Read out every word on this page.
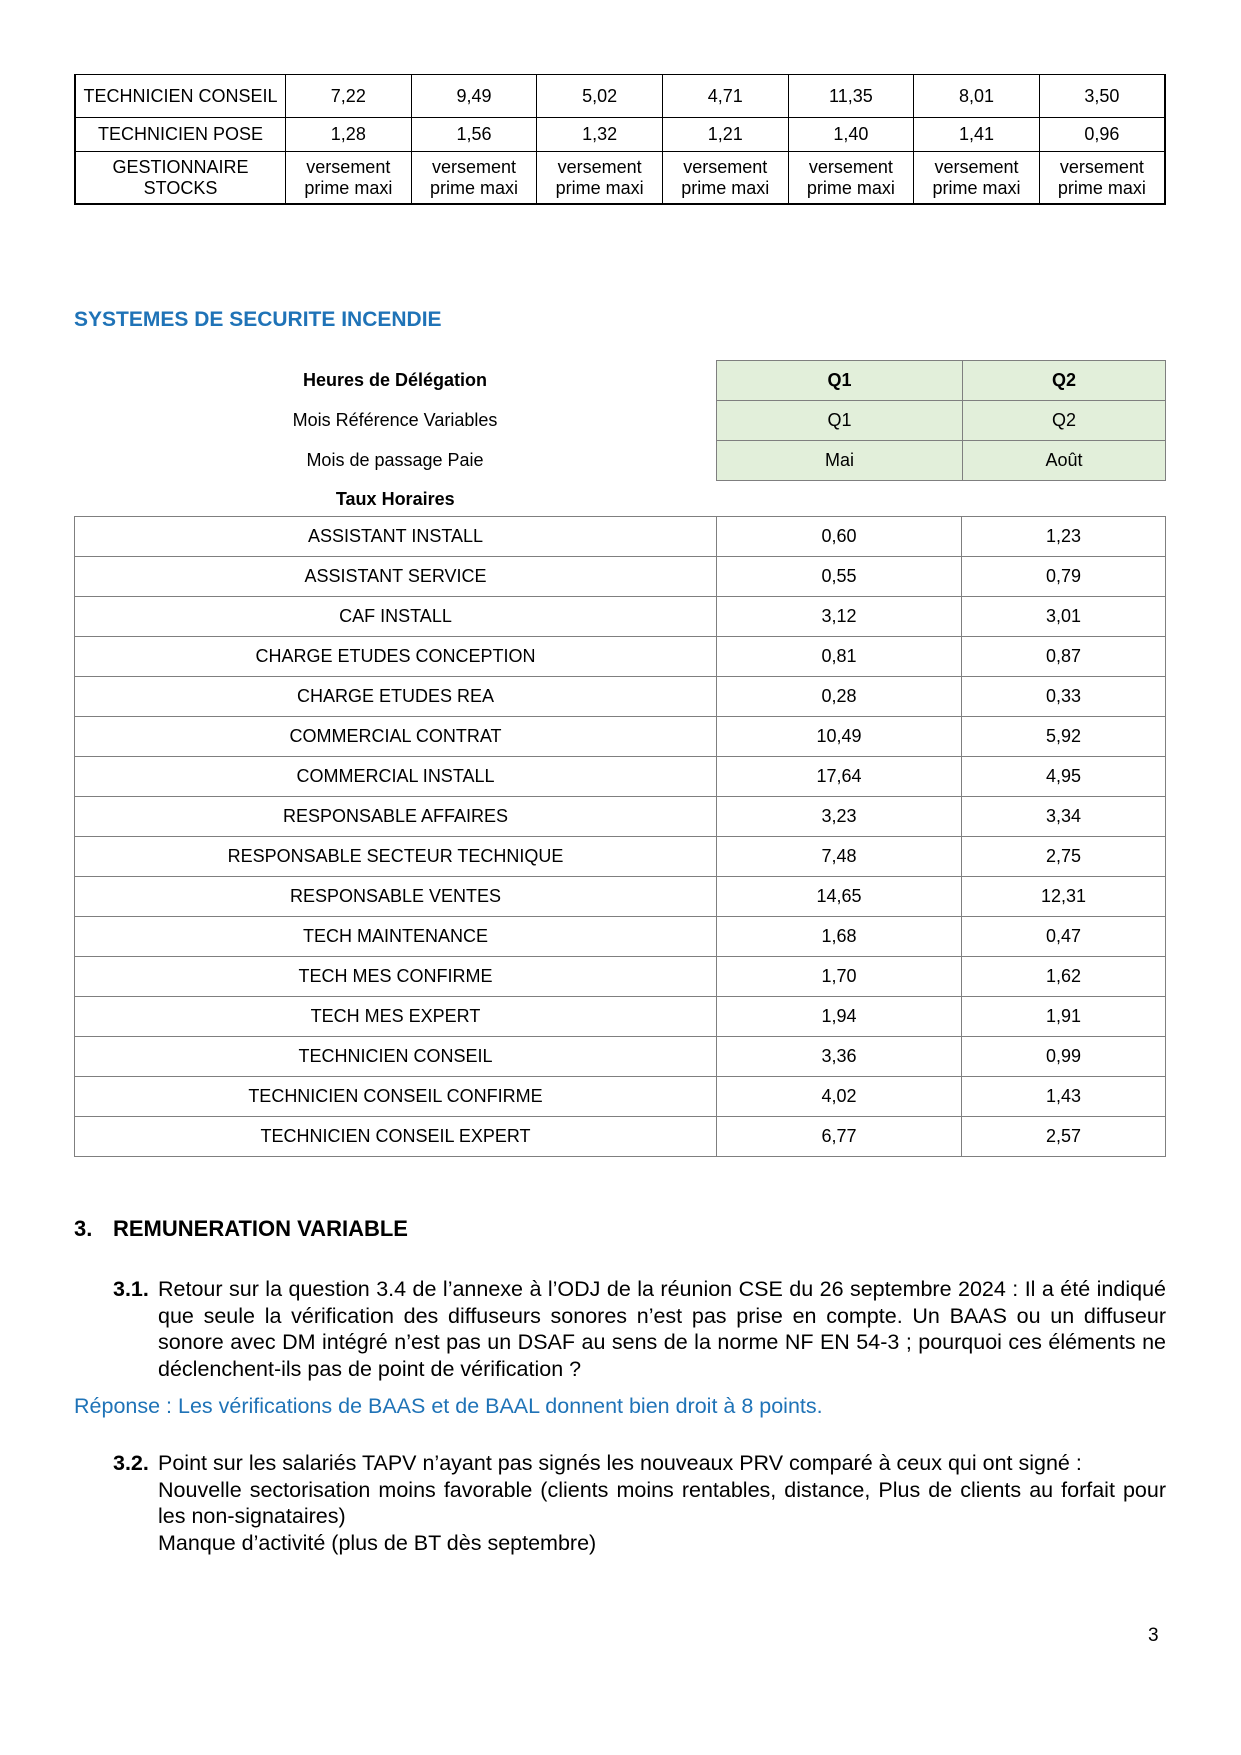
TECHNICIEN CONSEIL	7,22	9,49	5,02	4,71	11,35	8,01	3,50
TECHNICIEN POSE	1,28	1,56	1,32	1,21	1,40	1,41	0,96
GESTIONNAIRE STOCKS	versement prime maxi	versement prime maxi	versement prime maxi	versement prime maxi	versement prime maxi	versement prime maxi	versement prime maxi
SYSTEMES DE SECURITE INCENDIE
Heures de Délégation	Q1	Q2
Mois Référence Variables	Q1	Q2
Mois de passage Paie	Mai	Août
Taux Horaires		
ASSISTANT INSTALL	0,60	1,23
ASSISTANT SERVICE	0,55	0,79
CAF INSTALL	3,12	3,01
CHARGE ETUDES CONCEPTION	0,81	0,87
CHARGE ETUDES REA	0,28	0,33
COMMERCIAL CONTRAT	10,49	5,92
COMMERCIAL INSTALL	17,64	4,95
RESPONSABLE AFFAIRES	3,23	3,34
RESPONSABLE SECTEUR TECHNIQUE	7,48	2,75
RESPONSABLE VENTES	14,65	12,31
TECH MAINTENANCE	1,68	0,47
TECH MES CONFIRME	1,70	1,62
TECH MES EXPERT	1,94	1,91
TECHNICIEN CONSEIL	3,36	0,99
TECHNICIEN CONSEIL CONFIRME	4,02	1,43
TECHNICIEN CONSEIL EXPERT	6,77	2,57
3. REMUNERATION VARIABLE
3.1. Retour sur la question 3.4 de l’annexe à l’ODJ de la réunion CSE du 26 septembre 2024 : Il a été indiqué que seule la vérification des diffuseurs sonores n’est pas prise en compte. Un BAAS ou un diffuseur sonore avec DM intégré n’est pas un DSAF au sens de la norme NF EN 54-3 ; pourquoi ces éléments ne déclenchent-ils pas de point de vérification ?

Réponse : Les vérifications de BAAS et de BAAL donnent bien droit à 8 points.
3.2. Point sur les salariés TAPV n’ayant pas signés les nouveaux PRV comparé à ceux qui ont signé :

Nouvelle sectorisation moins favorable (clients moins rentables, distance, Plus de clients au forfait pour les non-signataires)

Manque d’activité (plus de BT dès septembre)

3
